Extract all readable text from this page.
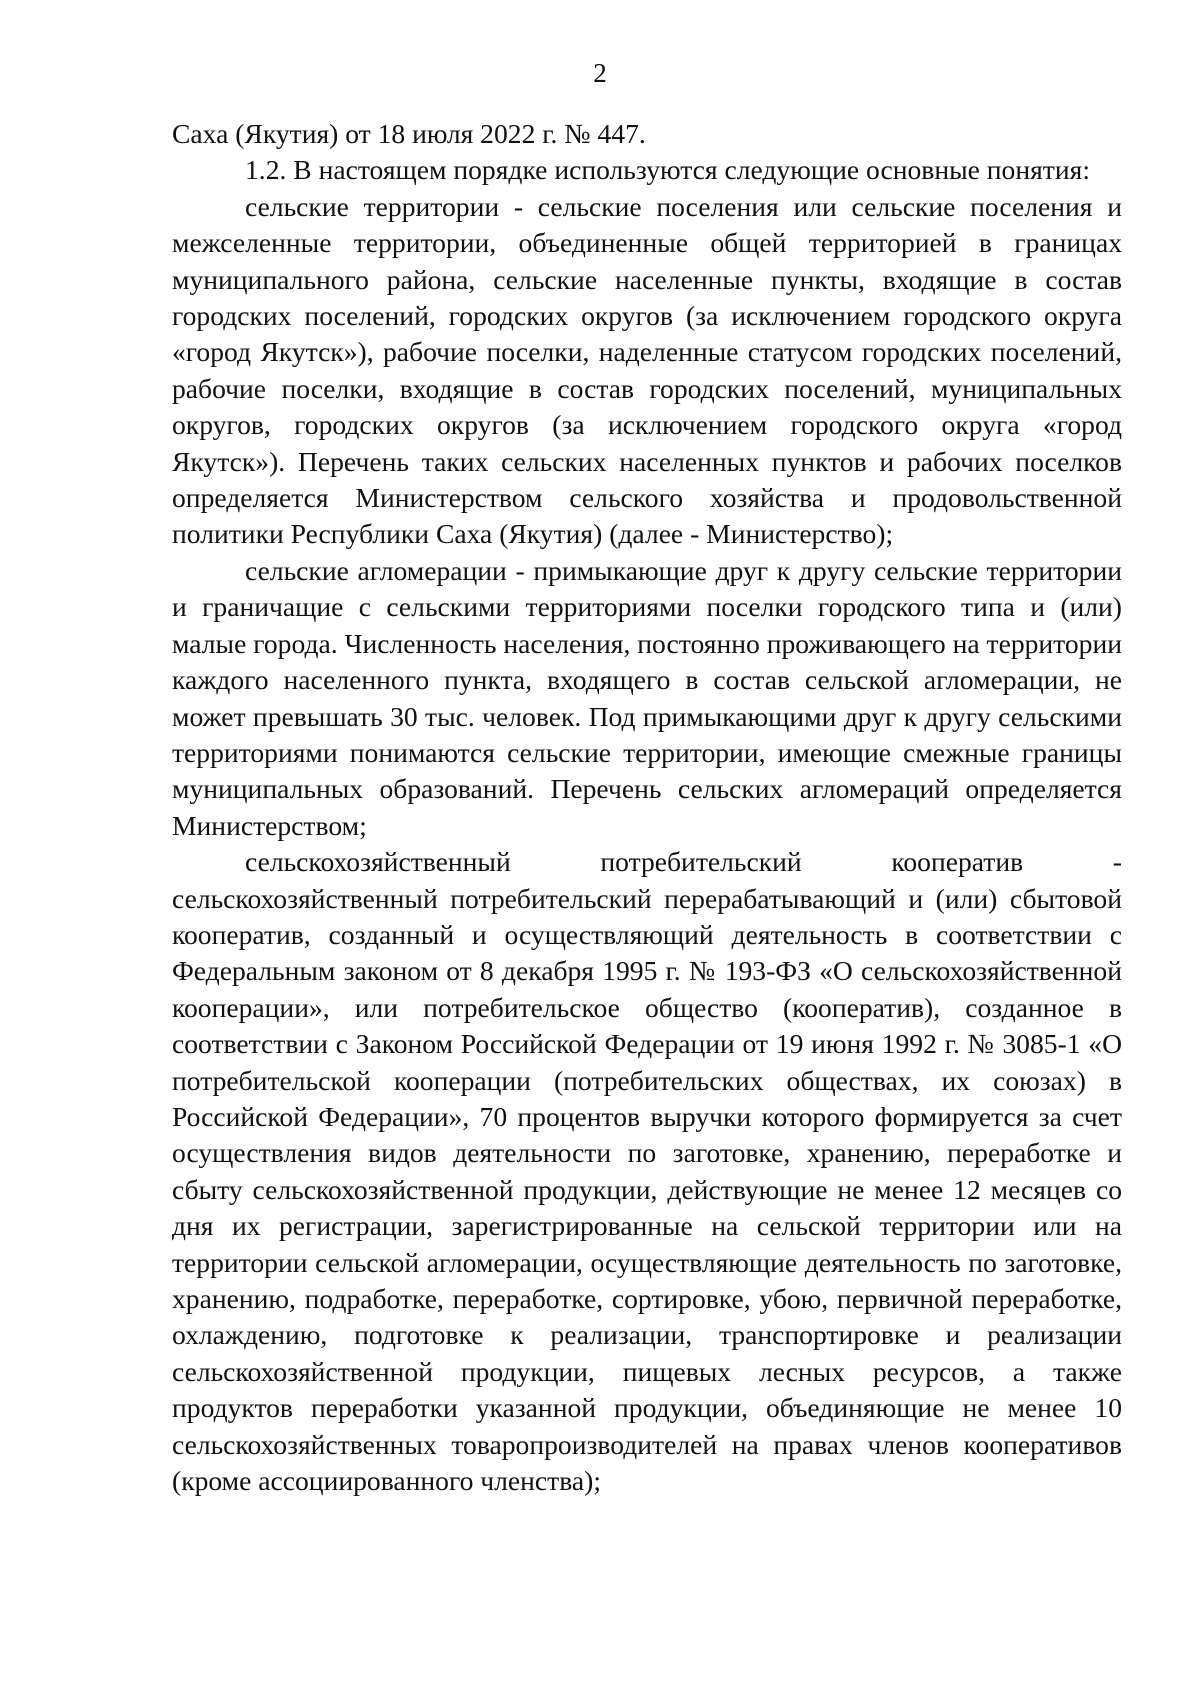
2

Саха (Якутия) от 18 июля 2022 г. № 447.

1.2. В настоящем порядке используются следующие основные понятия:

сельские территории - сельские поселения или сельские поселения и межселенные территории, объединенные общей территорией в границах муниципального района, сельские населенные пункты, входящие в состав городских поселений, городских округов (за исключением городского округа «город Якутск»), рабочие поселки, наделенные статусом городских поселений, рабочие поселки, входящие в состав городских поселений, муниципальных округов, городских округов (за исключением городского округа «город Якутск»). Перечень таких сельских населенных пунктов и рабочих поселков определяется Министерством сельского хозяйства и продовольственной политики Республики Саха (Якутия) (далее - Министерство);

сельские агломерации - примыкающие друг к другу сельские территории и граничащие с сельскими территориями поселки городского типа и (или) малые города. Численность населения, постоянно проживающего на территории каждого населенного пункта, входящего в состав сельской агломерации, не может превышать 30 тыс. человек. Под примыкающими друг к другу сельскими территориями понимаются сельские территории, имеющие смежные границы муниципальных образований. Перечень сельских агломераций определяется Министерством;

сельскохозяйственный потребительский кооператив - сельскохозяйственный потребительский перерабатывающий и (или) сбытовой кооператив, созданный и осуществляющий деятельность в соответствии с Федеральным законом от 8 декабря 1995 г. № 193-ФЗ «О сельскохозяйственной кооперации», или потребительское общество (кооператив), созданное в соответствии с Законом Российской Федерации от 19 июня 1992 г. № 3085-1 «О потребительской кооперации (потребительских обществах, их союзах) в Российской Федерации», 70 процентов выручки которого формируется за счет осуществления видов деятельности по заготовке, хранению, переработке и сбыту сельскохозяйственной продукции, действующие не менее 12 месяцев со дня их регистрации, зарегистрированные на сельской территории или на территории сельской агломерации, осуществляющие деятельность по заготовке, хранению, подработке, переработке, сортировке, убою, первичной переработке, охлаждению, подготовке к реализации, транспортировке и реализации сельскохозяйственной продукции, пищевых лесных ресурсов, а также продуктов переработки указанной продукции, объединяющие не менее 10 сельскохозяйственных товаропроизводителей на правах членов кооперативов (кроме ассоциированного членства);
